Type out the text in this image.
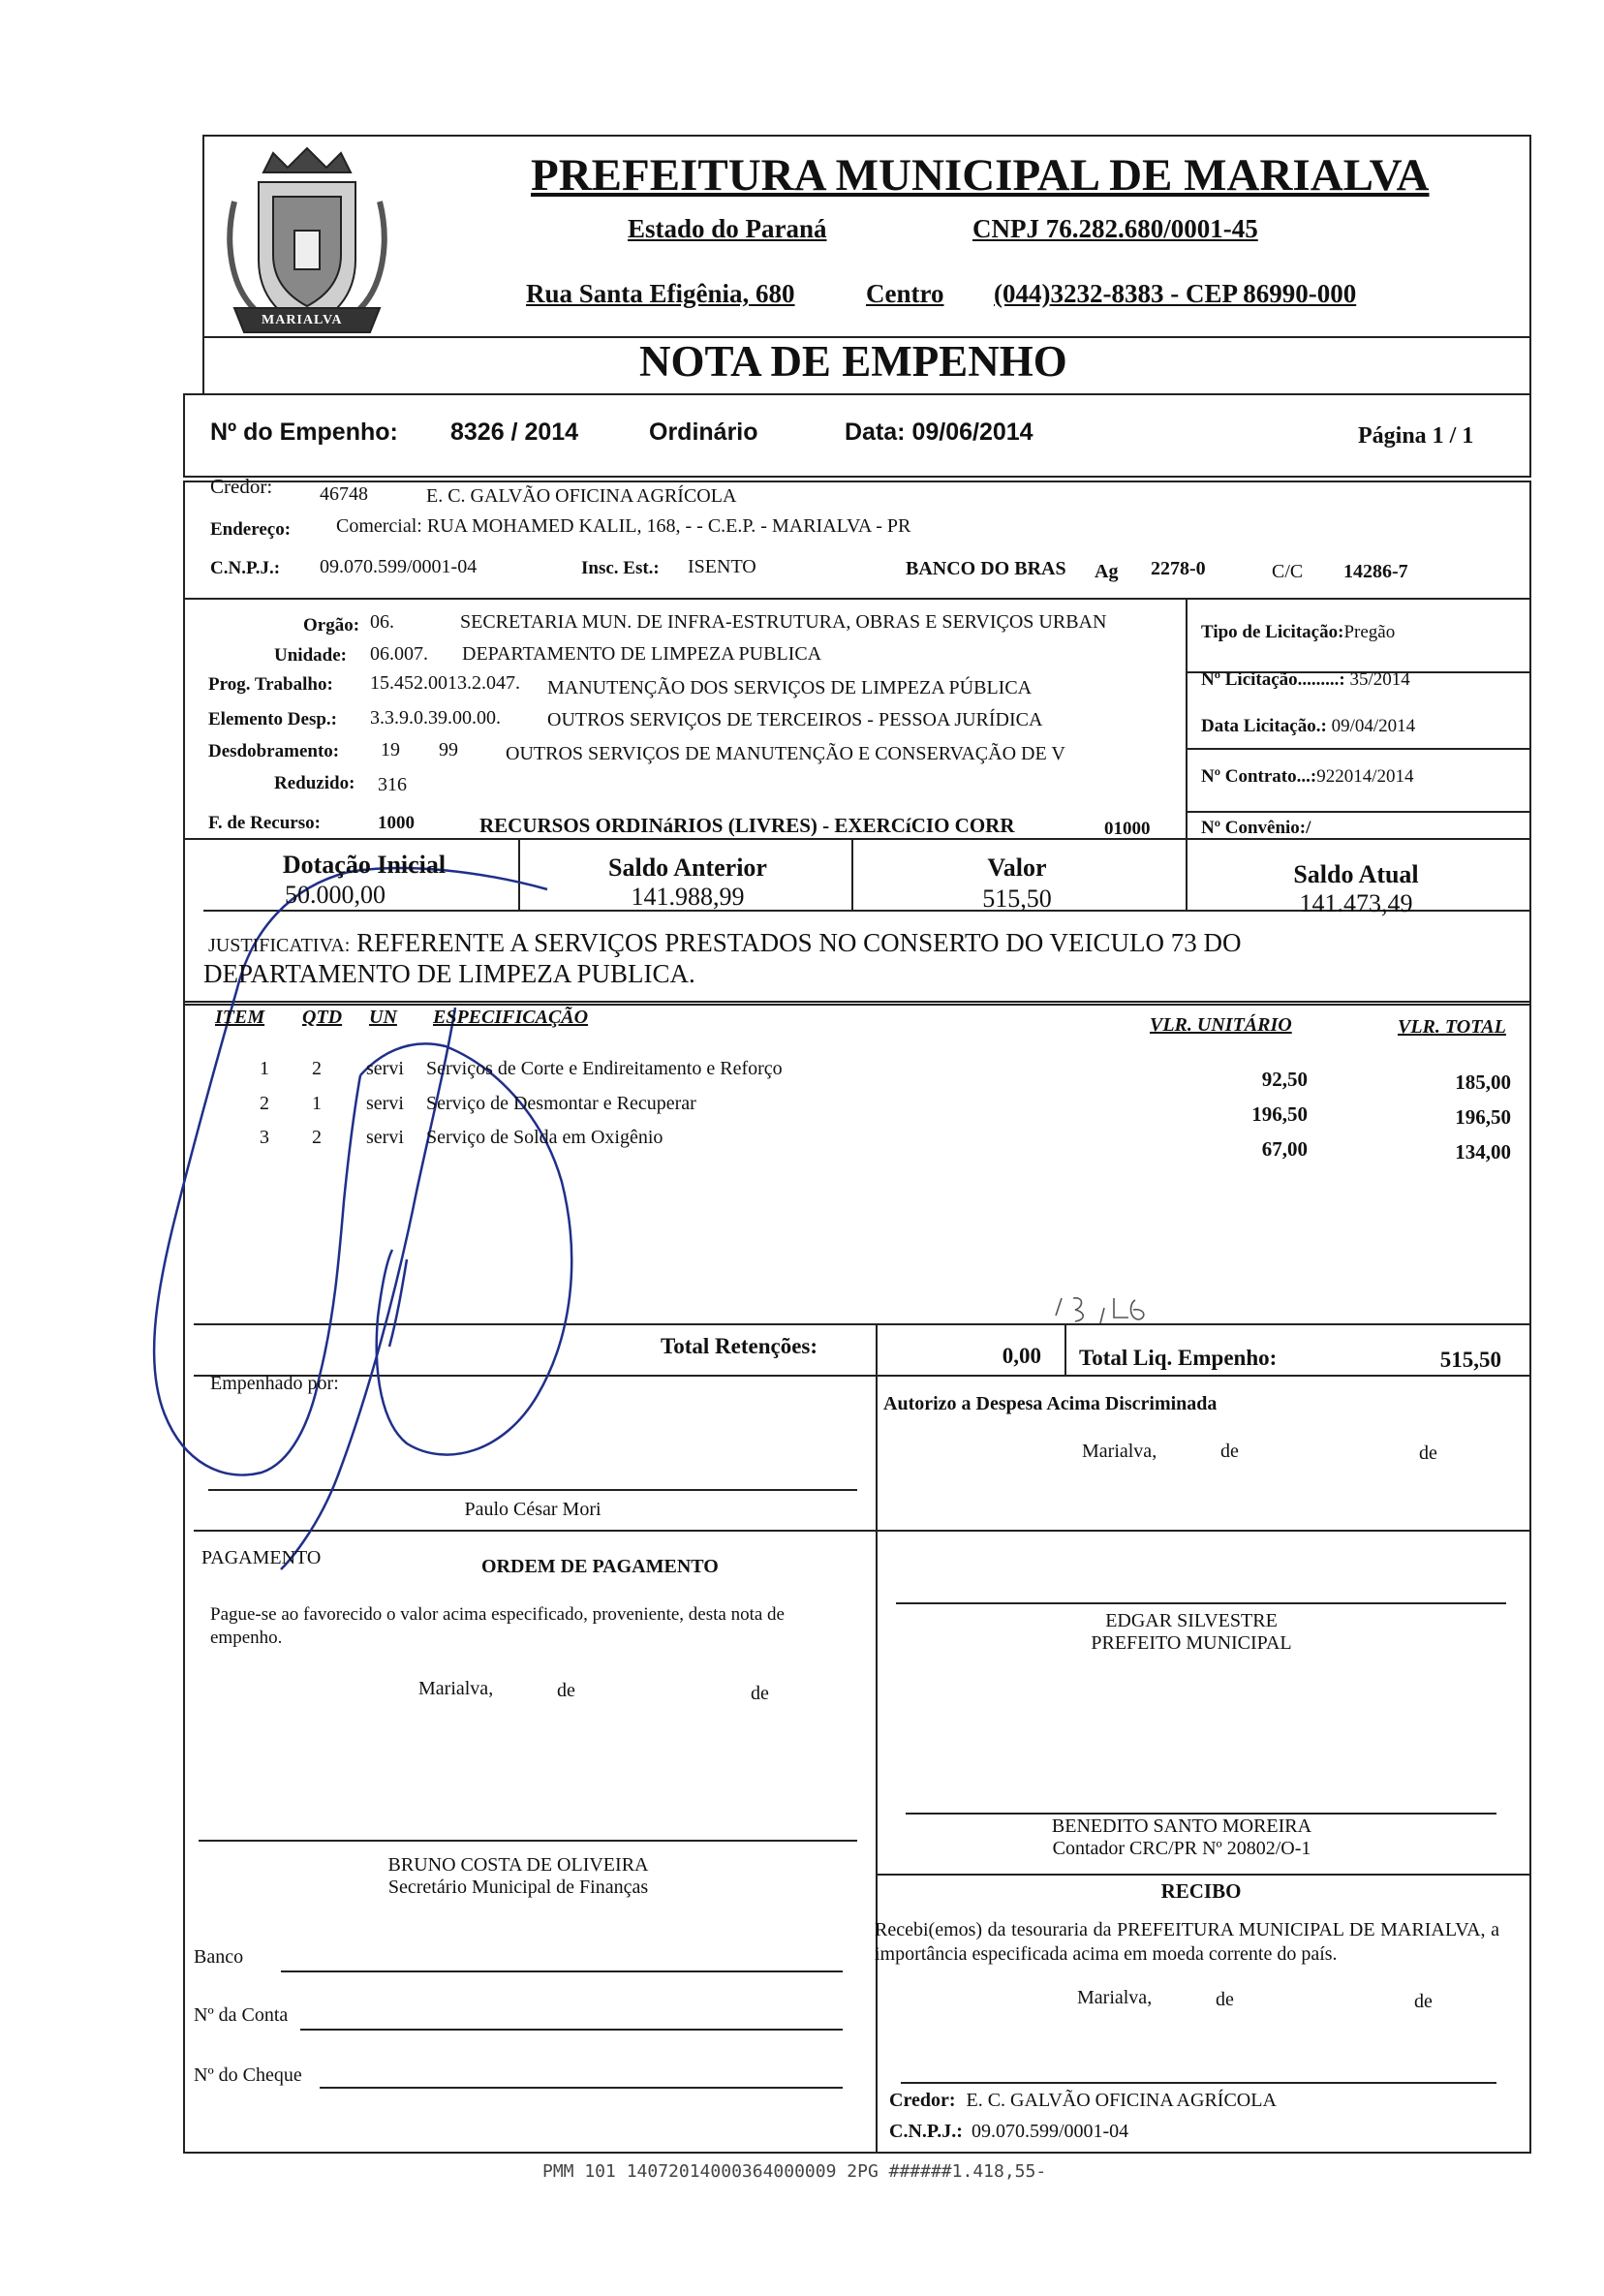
MARIALVA
PREFEITURA MUNICIPAL DE MARIALVA
Estado do Paraná	CNPJ 76.282.680/0001-45
Rua Santa Efigênia, 680	Centro (044)3232-8383 - CEP 86990-000
NOTA DE EMPENHO
Nº do Empenho: 8326 / 2014	Ordinário	Data: 09/06/2014	Página 1 / 1
Credor: 46748	E. C. GALVÃO OFICINA AGRÍCOLA
Endereço: Comercial: RUA MOHAMED KALIL, 168, - - C.E.P. - MARIALVA - PR
C.N.P.J.: 09.070.599/0001-04	Insc. Est.: ISENTO	BANCO DO BRAS Ag 2278-0	C/C 14286-7
Orgão: 06.	SECRETARIA MUN. DE INFRA-ESTRUTURA, OBRAS E SERVIÇOS URBAN
Unidade: 06.007. DEPARTAMENTO DE LIMPEZA PUBLICA
Prog. Trabalho: 15.452.0013.2.047. MANUTENÇÃO DOS SERVIÇOS DE LIMPEZA PÚBLICA
Elemento Desp.: 3.3.9.0.39.00.00. OUTROS SERVIÇOS DE TERCEIROS - PESSOA JURÍDICA
Desdobramento: 19 99 OUTROS SERVIÇOS DE MANUTENÇÃO E CONSERVAÇÃO DE V
Reduzido: 316
F. de Recurso:	1000	RECURSOS ORDINáRIOS (LIVRES) - EXERCíCIO CORR	01000
Tipo de Licitação:Pregão
Nº Licitação.........: 35/2014
Data Licitação.: 09/04/2014
Nº Contrato...:922014/2014
Nº Convênio:/
Dotação Inicial
50.000,00
Saldo Anterior
141.988,99
Valor
515,50
Saldo Atual
141.473,49
JUSTIFICATIVA: REFERENTE A SERVIÇOS PRESTADOS NO CONSERTO DO VEICULO 73 DO
DEPARTAMENTO DE LIMPEZA PUBLICA.
ITEM QTD UN ESPECIFICAÇÃO	VLR. UNITÁRIO	VLR. TOTAL
1 2 servi Serviços de Corte e Endireitamento e Reforço	92,50	185,00
2 1 servi Serviço de Desmontar e Recuperar	196,50	196,50
3 2 servi Serviço de Solda em Oxigênio	67,00	134,00
Total Retenções:	0,00 Total Liq. Empenho:	515,50
Empenhado por:
Paulo César Mori
Autorizo a Despesa Acima Discriminada
Marialva,	de	de
PAGAMENTO	ORDEM DE PAGAMENTO
Pague-se ao favorecido o valor acima especificado, proveniente, desta nota de empenho.
Marialva,	de	de
EDGAR SILVESTRE
PREFEITO MUNICIPAL
BENEDITO SANTO MOREIRA
Contador CRC/PR Nº 20802/O-1
BRUNO COSTA DE OLIVEIRA
Secretário Municipal de Finanças
Banco
Nº da Conta
Nº do Cheque
RECIBO
Recebi(emos) da tesouraria da PREFEITURA MUNICIPAL DE MARIALVA, a importância especificada acima em moeda corrente do país.
Marialva,	de	de
Credor: E. C. GALVÃO OFICINA AGRÍCOLA
C.N.P.J.: 09.070.599/0001-04
PMM 101 14072014000364000009 2PG ######1.418,55-
